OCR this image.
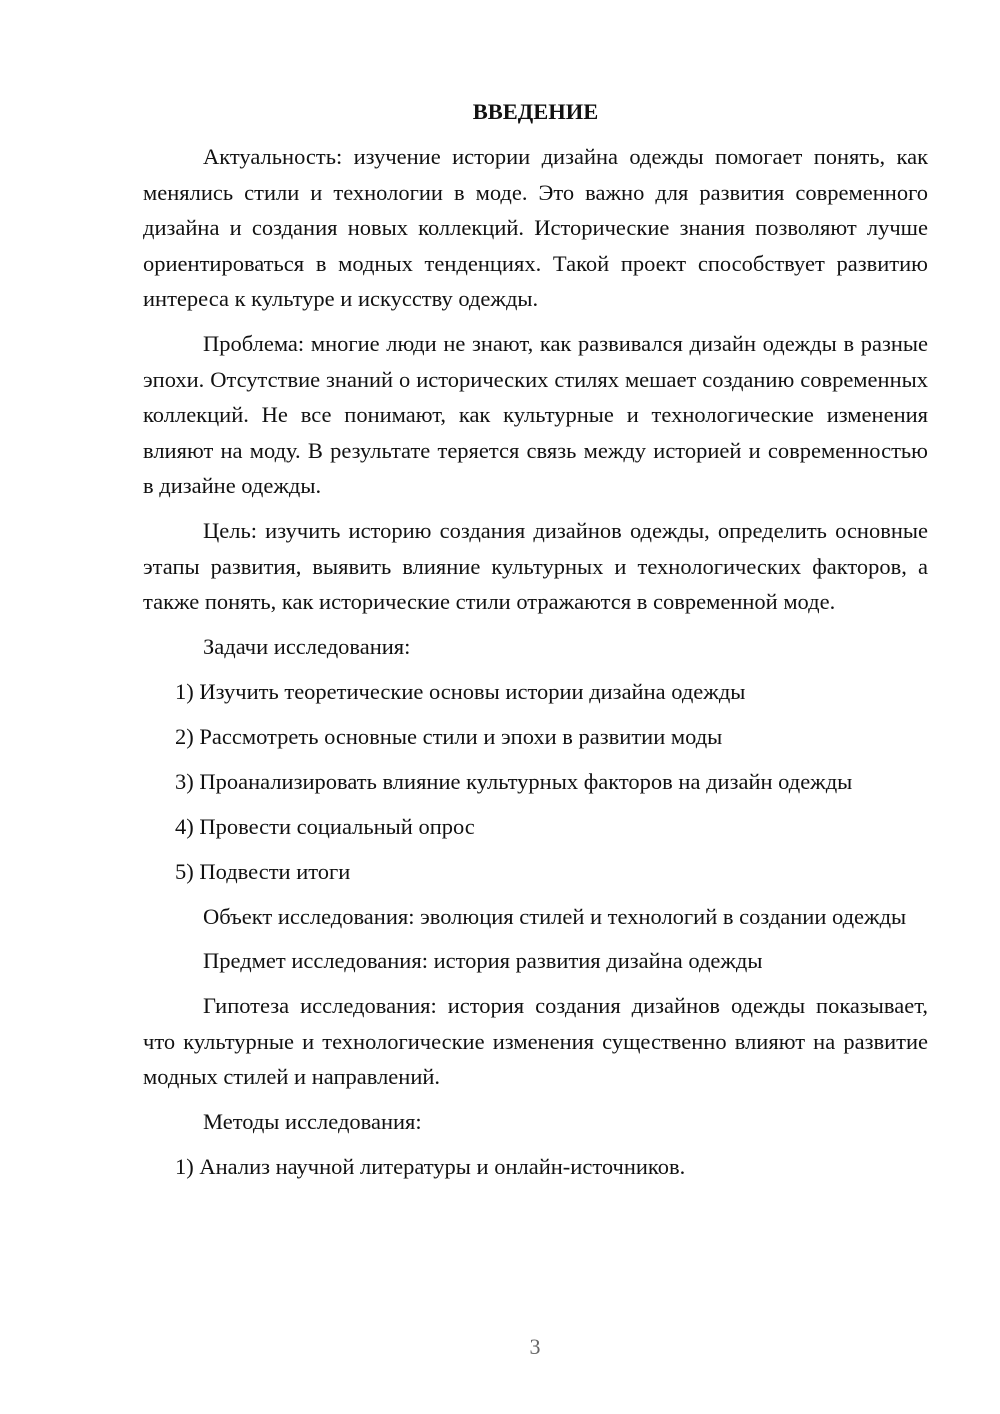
ВВЕДЕНИЕ

Актуальность: изучение истории дизайна одежды помогает понять, как менялись стили и технологии в моде. Это важно для развития современного дизайна и создания новых коллекций. Исторические знания позволяют лучше ориентироваться в модных тенденциях. Такой проект способствует развитию интереса к культуре и искусству одежды.

Проблема: многие люди не знают, как развивался дизайн одежды в разные эпохи. Отсутствие знаний о исторических стилях мешает созданию современных коллекций. Не все понимают, как культурные и технологические изменения влияют на моду. В результате теряется связь между историей и современностью в дизайне одежды.

Цель: изучить историю создания дизайнов одежды, определить основные этапы развития, выявить влияние культурных и технологических факторов, а также понять, как исторические стили отражаются в современной моде.

Задачи исследования:
1) Изучить теоретические основы истории дизайна одежды
2) Рассмотреть основные стили и эпохи в развитии моды
3) Проанализировать влияние культурных факторов на дизайн одежды
4) Провести социальный опрос
5) Подвести итоги

Объект исследования: эволюция стилей и технологий в создании одежды

Предмет исследования: история развития дизайна одежды

Гипотеза исследования: история создания дизайнов одежды показывает, что культурные и технологические изменения существенно влияют на развитие модных стилей и направлений.

Методы исследования:
1) Анализ научной литературы и онлайн-источников.
3
